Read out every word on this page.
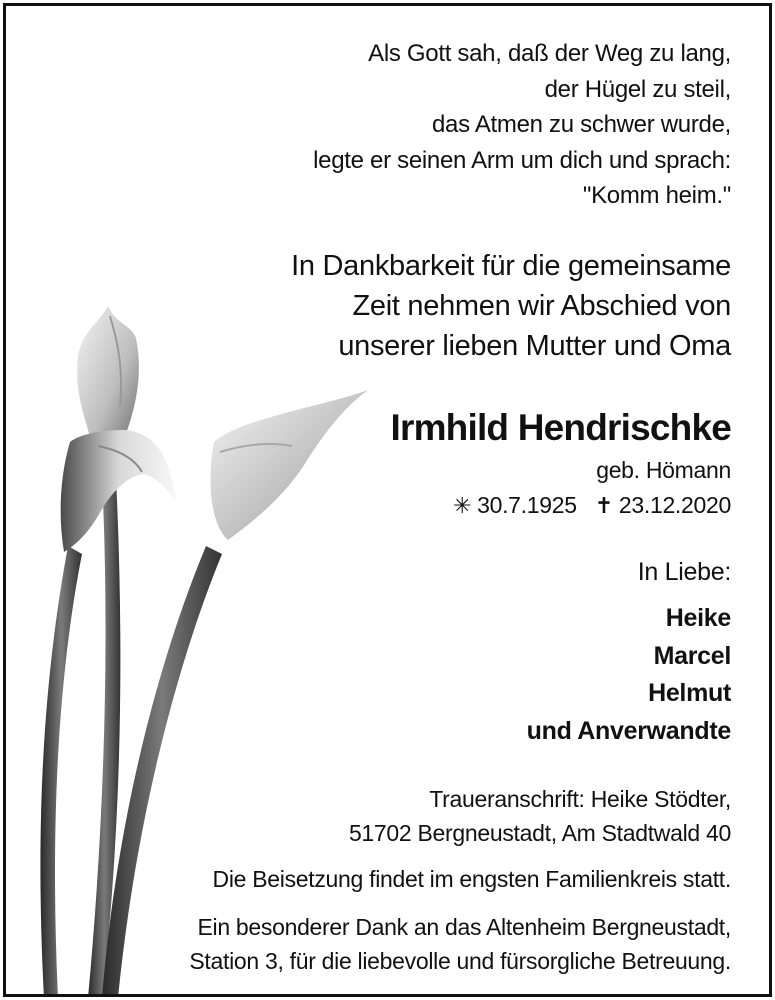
Als Gott sah, daß der Weg zu lang,
der Hügel zu steil,
das Atmen zu schwer wurde,
legte er seinen Arm um dich und sprach:
"Komm heim."
In Dankbarkeit für die gemeinsame
Zeit nehmen wir Abschied von
unserer lieben Mutter und Oma
Irmhild Hendrischke
geb. Hömann
✳ 30.7.1925 ✝ 23.12.2020
In Liebe:
Heike
Marcel
Helmut
und Anverwandte
Traueranschrift: Heike Stödter,
51702 Bergneustadt, Am Stadtwald 40
Die Beisetzung findet im engsten Familienkreis statt.
Ein besonderer Dank an das Altenheim Bergneustadt,
Station 3, für die liebevolle und fürsorgliche Betreuung.
